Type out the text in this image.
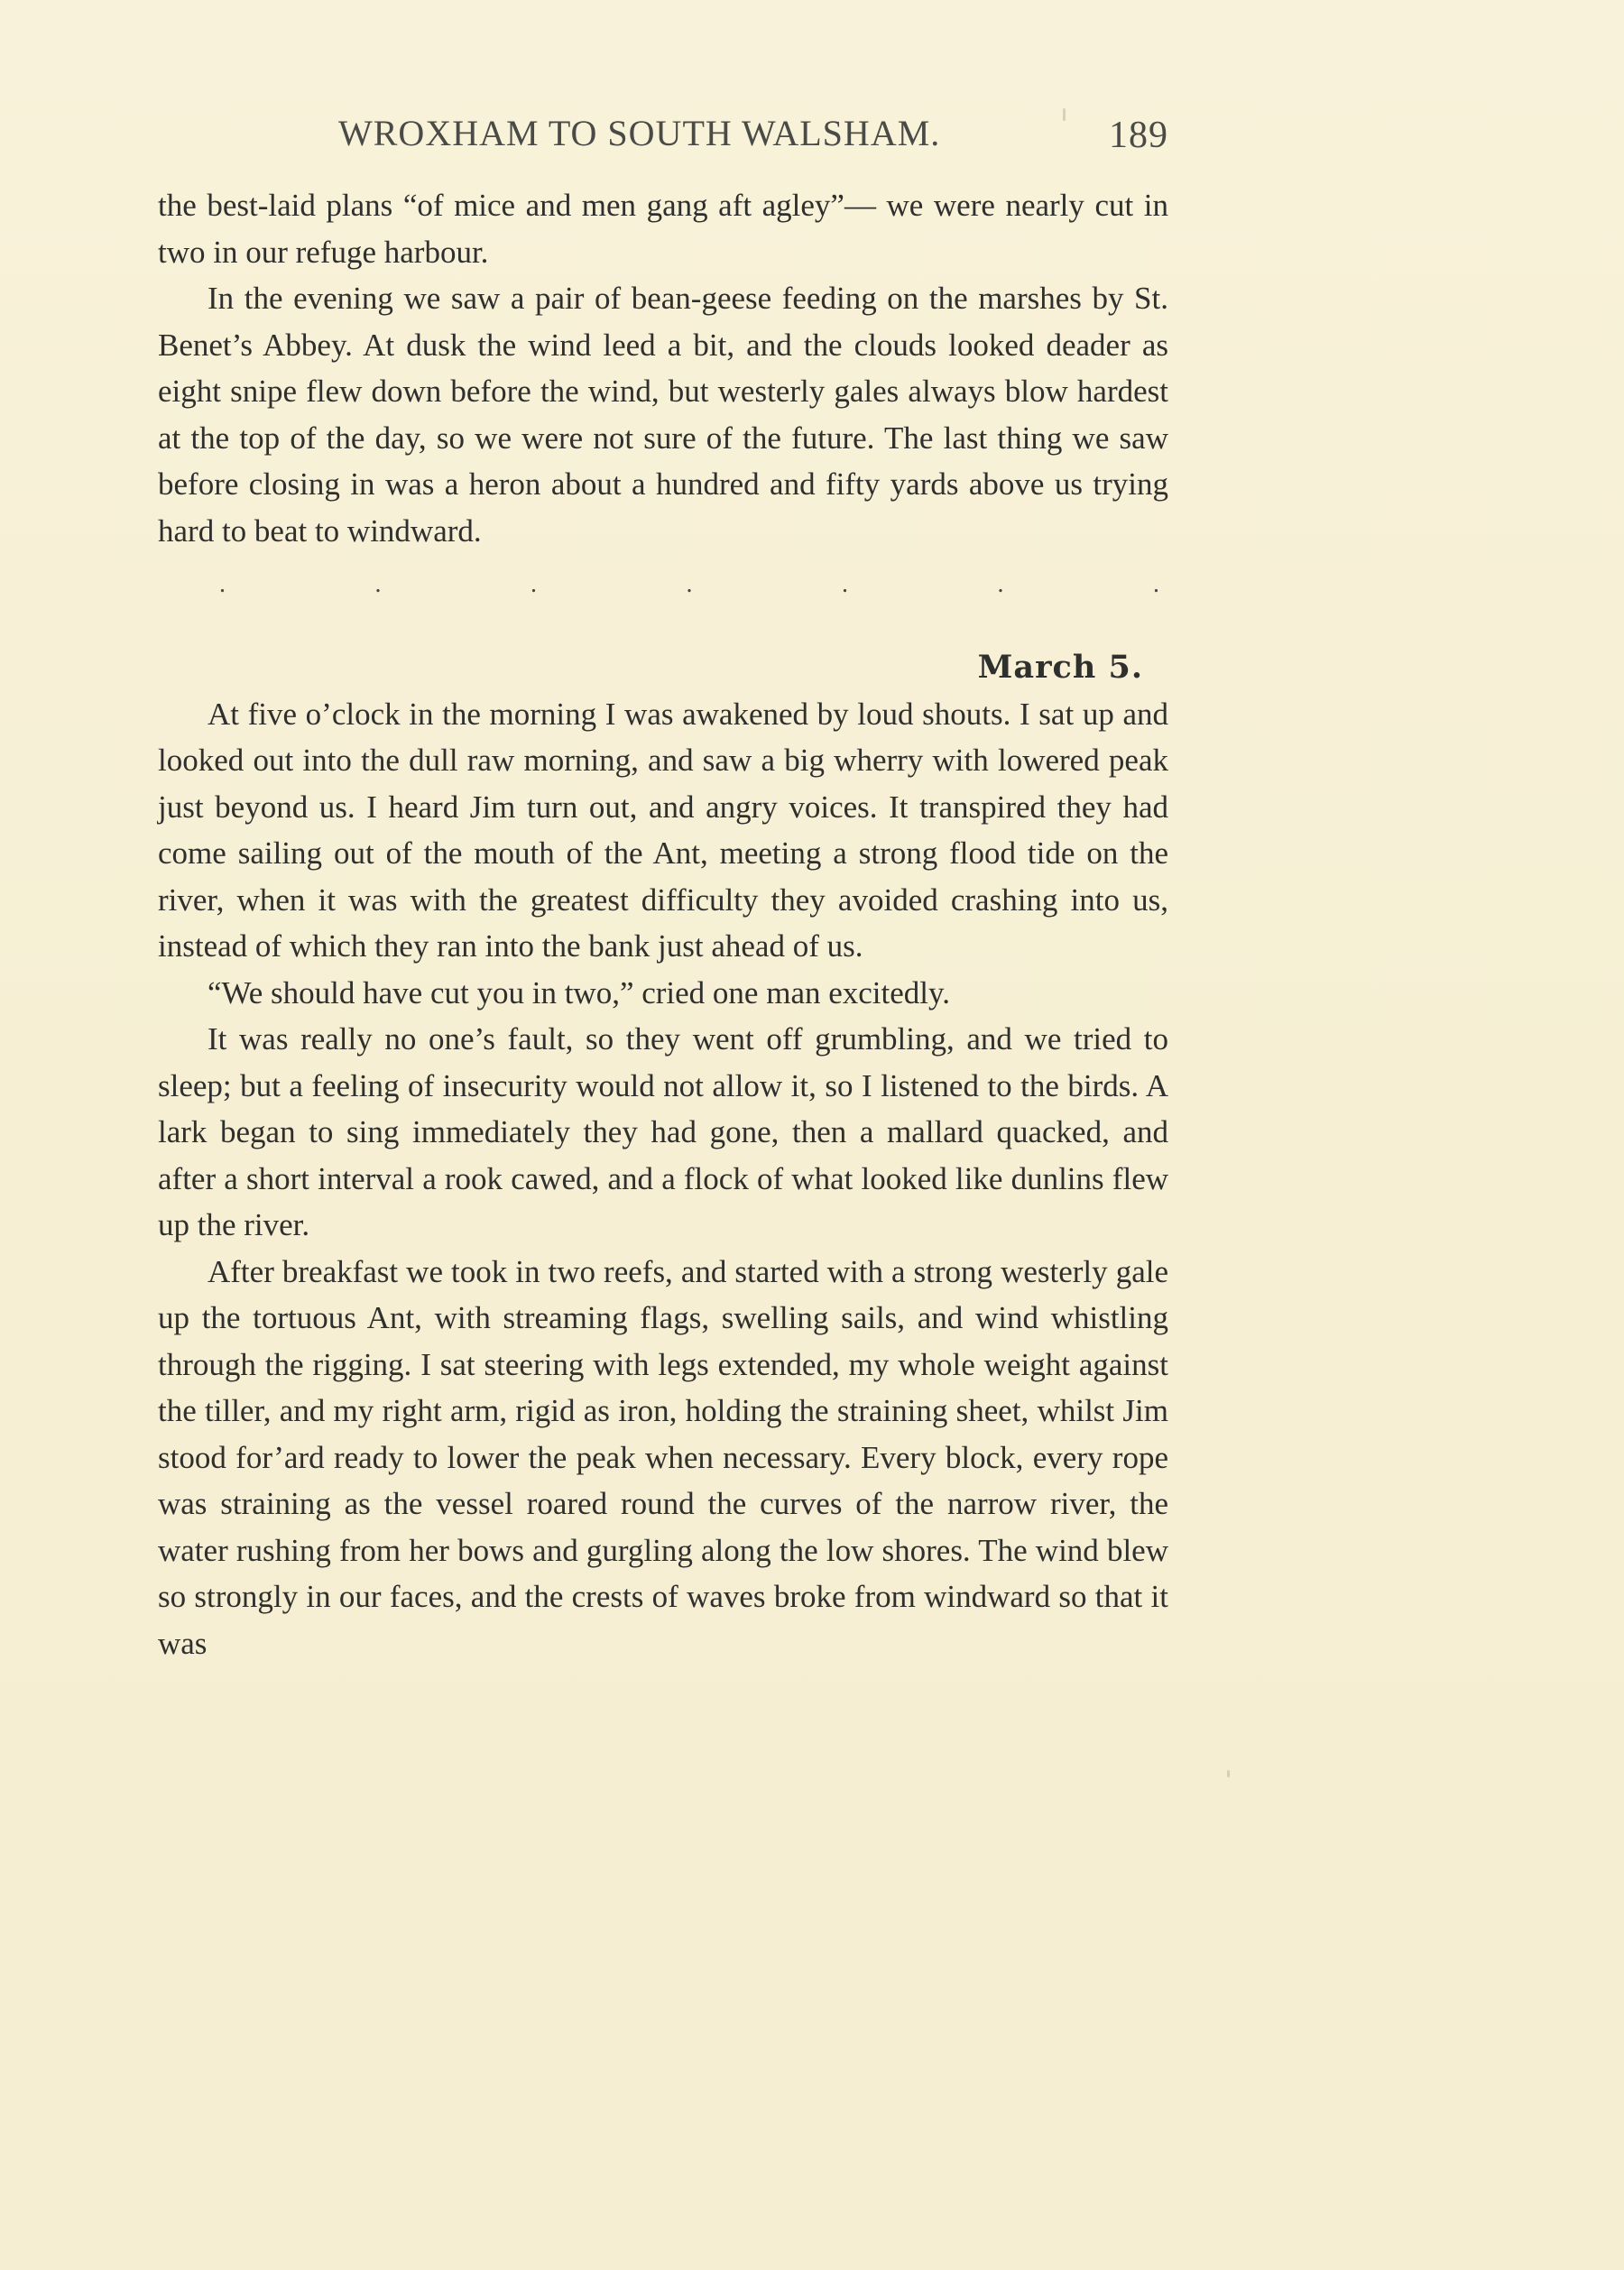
WROXHAM TO SOUTH WALSHAM.	189

the best-laid plans “of mice and men gang aft agley”— we were nearly cut in two in our refuge harbour.

In the evening we saw a pair of bean-geese feeding on the marshes by St. Benet’s Abbey. At dusk the wind leed a bit, and the clouds looked deader as eight snipe flew down before the wind, but westerly gales always blow hardest at the top of the day, so we were not sure of the future. The last thing we saw before closing in was a heron about a hundred and fifty yards above us trying hard to beat to windward.

.	.	.	.	.	.	.

March 5.

At five o’clock in the morning I was awakened by loud shouts. I sat up and looked out into the dull raw morning, and saw a big wherry with lowered peak just beyond us. I heard Jim turn out, and angry voices. It transpired they had come sailing out of the mouth of the Ant, meeting a strong flood tide on the river, when it was with the greatest difficulty they avoided crashing into us, instead of which they ran into the bank just ahead of us.

“We should have cut you in two,” cried one man excitedly.

It was really no one’s fault, so they went off grumbling, and we tried to sleep; but a feeling of insecurity would not allow it, so I listened to the birds. A lark began to sing immediately they had gone, then a mallard quacked, and after a short interval a rook cawed, and a flock of what looked like dunlins flew up the river.

After breakfast we took in two reefs, and started with a strong westerly gale up the tortuous Ant, with streaming flags, swelling sails, and wind whistling through the rigging. I sat steering with legs extended, my whole weight against the tiller, and my right arm, rigid as iron, holding the straining sheet, whilst Jim stood for’ard ready to lower the peak when necessary. Every block, every rope was straining as the vessel roared round the curves of the narrow river, the water rushing from her bows and gurgling along the low shores. The wind blew so strongly in our faces, and the crests of waves broke from windward so that it was
